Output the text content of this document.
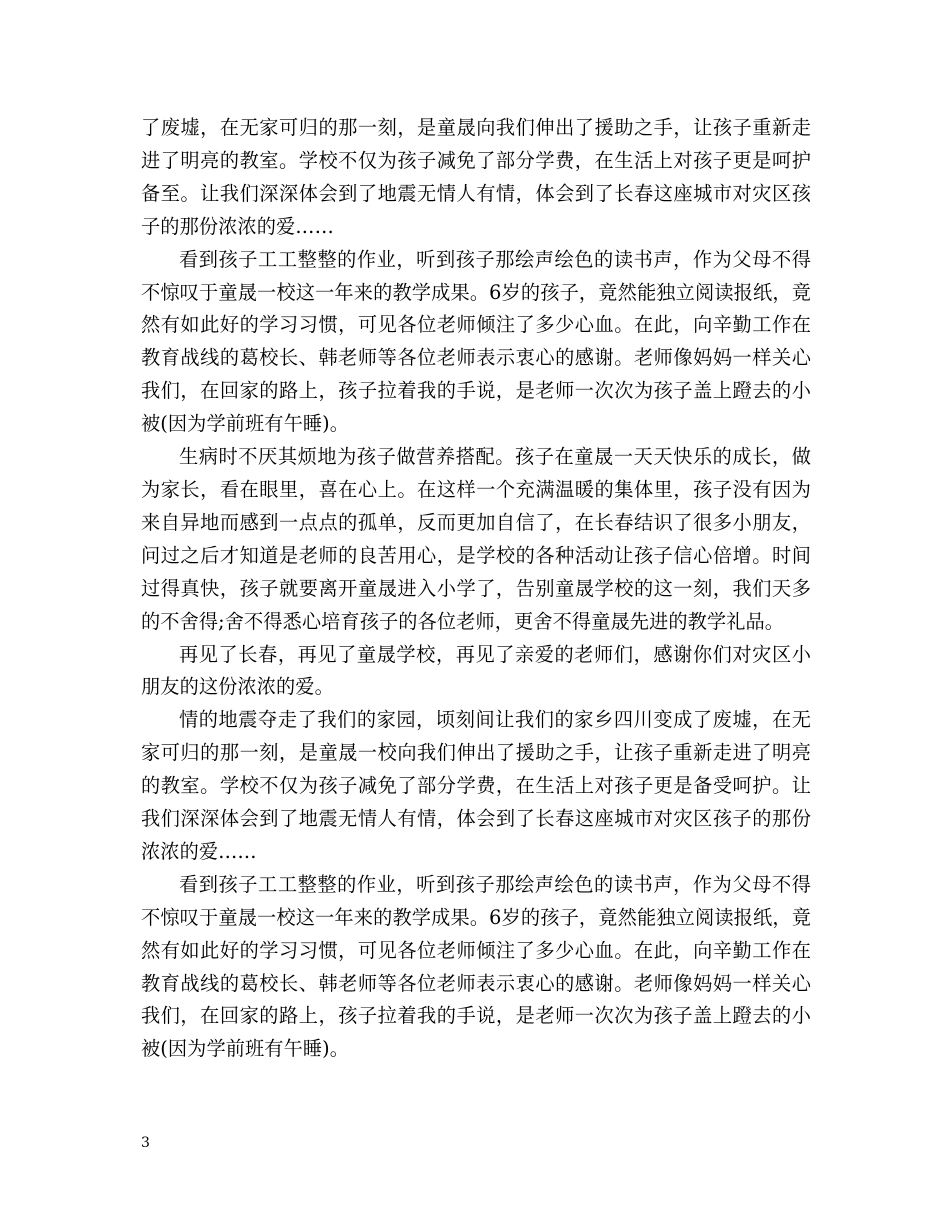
了废墟，在无家可归的那一刻，是童晟向我们伸出了援助之手，让孩子重新走进了明亮的教室。学校不仅为孩子减免了部分学费，在生活上对孩子更是呵护备至。让我们深深体会到了地震无情人有情，体会到了长春这座城市对灾区孩子的那份浓浓的爱……

看到孩子工工整整的作业，听到孩子那绘声绘色的读书声，作为父母不得不惊叹于童晟一校这一年来的教学成果。6岁的孩子，竟然能独立阅读报纸，竟然有如此好的学习习惯，可见各位老师倾注了多少心血。在此，向辛勤工作在教育战线的葛校长、韩老师等各位老师表示衷心的感谢。老师像妈妈一样关心我们，在回家的路上，孩子拉着我的手说，是老师一次次为孩子盖上蹬去的小被(因为学前班有午睡)。

生病时不厌其烦地为孩子做营养搭配。孩子在童晟一天天快乐的成长，做为家长，看在眼里，喜在心上。在这样一个充满温暖的集体里，孩子没有因为来自异地而感到一点点的孤单，反而更加自信了，在长春结识了很多小朋友，问过之后才知道是老师的良苦用心，是学校的各种活动让孩子信心倍增。时间过得真快，孩子就要离开童晟进入小学了，告别童晟学校的这一刻，我们天多的不舍得;舍不得悉心培育孩子的各位老师，更舍不得童晟先进的教学礼品。

再见了长春，再见了童晟学校，再见了亲爱的老师们，感谢你们对灾区小朋友的这份浓浓的爱。

情的地震夺走了我们的家园，顷刻间让我们的家乡四川变成了废墟，在无家可归的那一刻，是童晟一校向我们伸出了援助之手，让孩子重新走进了明亮的教室。学校不仅为孩子减免了部分学费，在生活上对孩子更是备受呵护。让我们深深体会到了地震无情人有情，体会到了长春这座城市对灾区孩子的那份浓浓的爱……

看到孩子工工整整的作业，听到孩子那绘声绘色的读书声，作为父母不得不惊叹于童晟一校这一年来的教学成果。6岁的孩子，竟然能独立阅读报纸，竟然有如此好的学习习惯，可见各位老师倾注了多少心血。在此，向辛勤工作在教育战线的葛校长、韩老师等各位老师表示衷心的感谢。老师像妈妈一样关心我们，在回家的路上，孩子拉着我的手说，是老师一次次为孩子盖上蹬去的小被(因为学前班有午睡)。

3
